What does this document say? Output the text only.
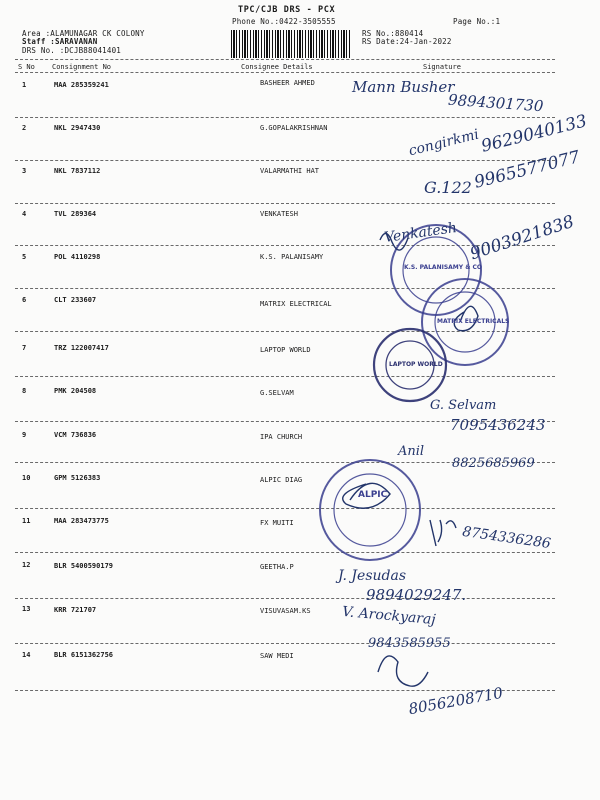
TPC/CJB DRS - PCX
Phone No.:0422-3505555	Page No.:1
Area :ALAMUNAGAR CK COLONY
Staff :SARAVANAN
DRS No. :DCJB88041401
RS No.:880414
RS Date:24-Jan-2022
S No Consignment No	Consignee Details	Signature
1	MAA 285359241	BASHEER AHMED
2	NKL 2947430	G.GOPALAKRISHNAN
3	NKL 7837112	VALARMATHI HAT
4	TVL 289364	VENKATESH
5	POL 4110298	K.S. PALANISAMY
6	CLT 233607	MATRIX ELECTRICAL
7	TRZ 122007417	LAPTOP WORLD
8	PMK 204508	G.SELVAM
9	VCM 736836	IPA CHURCH
10	GPM 5126383	ALPIC DIAG
11	MAA 283473775	FX MUITI
12	BLR 5400590179	GEETHA.P
13	KRR 721707	VISUVASAM.KS
14	BLR 6151362756	SAW MEDI
K.S. PALANISAMY & CO
MATRIX ELECTRICALS
LAPTOP WORLD
ALPIC
Mann Busher
9894301730
congirkmi
9629040133
G.122 9965577077
Venkatesh 9003921838
G. Selvam
7095436243
Anil
8825685969
8754336286
J. Jesudas
9894029247.
V. Arockyaraj
9843585955
8056208710
